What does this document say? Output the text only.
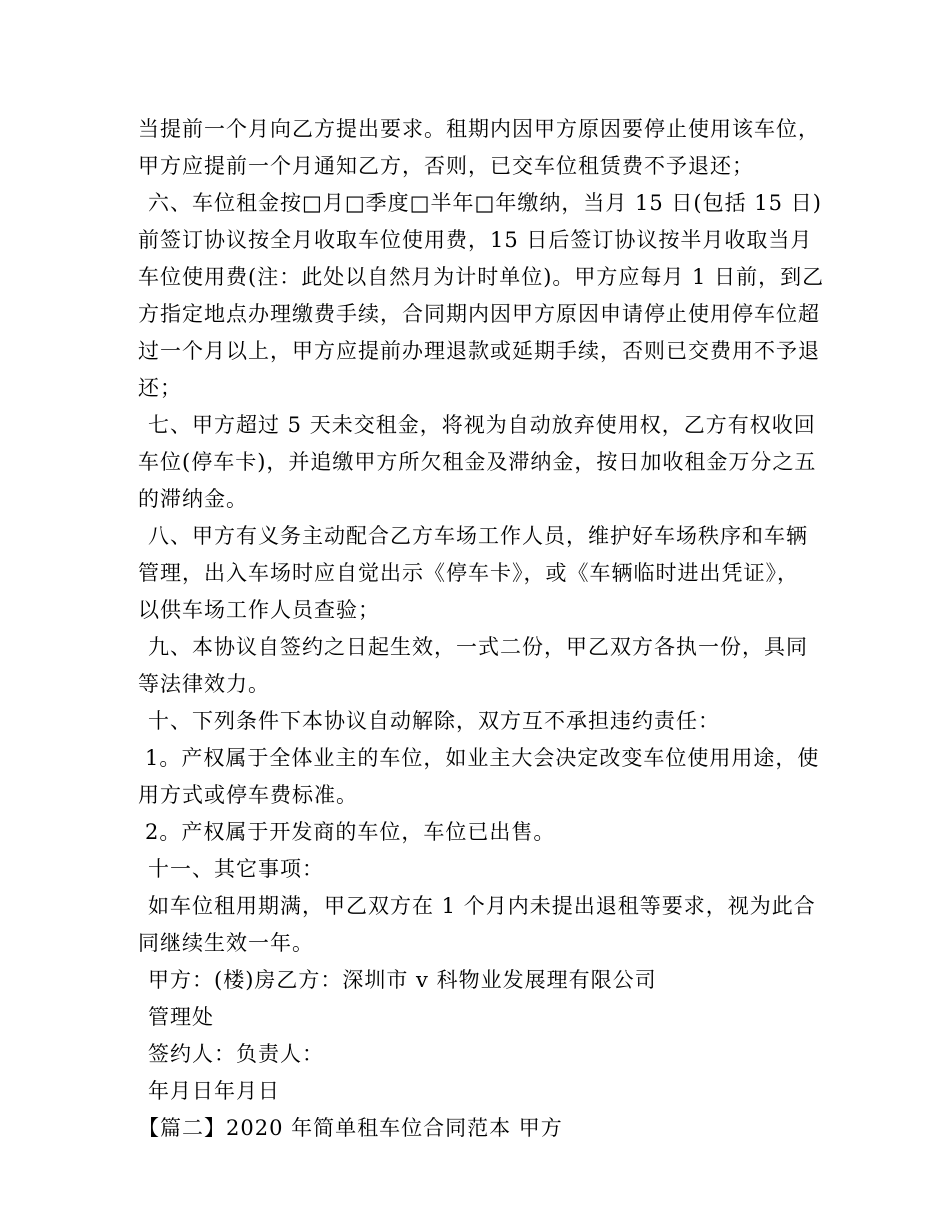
当提前一个月向乙方提出要求。租期内因甲方原因要停止使用该车位，

甲方应提前一个月通知乙方，否则，已交车位租赁费不予退还；

六、车位租金按□月□季度□半年□年缴纳，当月 15 日(包括 15 日)

前签订协议按全月收取车位使用费，15 日后签订协议按半月收取当月

车位使用费(注：此处以自然月为计时单位)。甲方应每月 1 日前，到乙

方指定地点办理缴费手续，合同期内因甲方原因申请停止使用停车位超

过一个月以上，甲方应提前办理退款或延期手续，否则已交费用不予退

还；

七、甲方超过 5 天未交租金，将视为自动放弃使用权，乙方有权收回

车位(停车卡)，并追缴甲方所欠租金及滞纳金，按日加收租金万分之五

的滞纳金。

八、甲方有义务主动配合乙方车场工作人员，维护好车场秩序和车辆

管理，出入车场时应自觉出示《停车卡》，或《车辆临时进出凭证》，

以供车场工作人员查验；

九、本协议自签约之日起生效，一式二份，甲乙双方各执一份，具同

等法律效力。

十、下列条件下本协议自动解除，双方互不承担违约责任：

1。产权属于全体业主的车位，如业主大会决定改变车位使用用途，使

用方式或停车费标准。

2。产权属于开发商的车位，车位已出售。

十一、其它事项：

如车位租用期满，甲乙双方在 1 个月内未提出退租等要求，视为此合

同继续生效一年。

甲方：(楼)房乙方：深圳市 v 科物业发展理有限公司

管理处

签约人：负责人：

年月日年月日

【篇二】2020 年简单租车位合同范本 甲方
